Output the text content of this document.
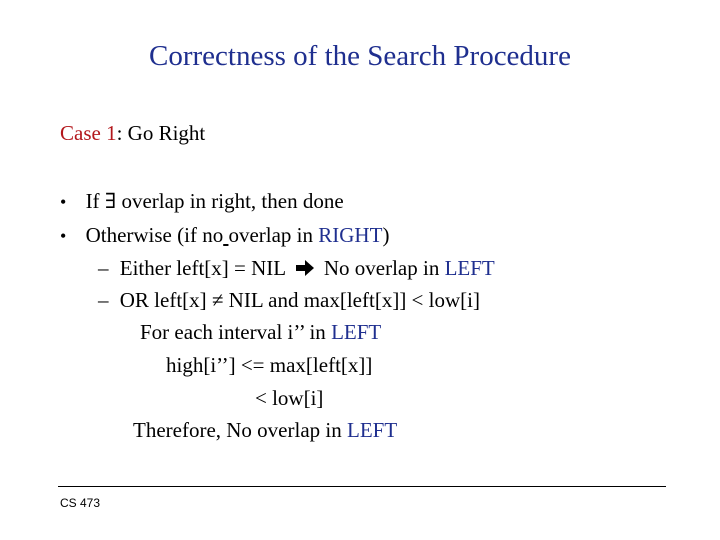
Correctness of the Search Procedure
Case 1: Go Right
• If ∃ overlap in right, then done
• Otherwise (if no overlap in RIGHT)
– Either left[x] = NIL  No overlap in LEFT
– OR left[x] ≠ NIL and max[left[x]] < low[i]
For each interval i’’ in LEFT
high[i’’] <= max[left[x]]
< low[i]
Therefore, No overlap in LEFT
CS 473
